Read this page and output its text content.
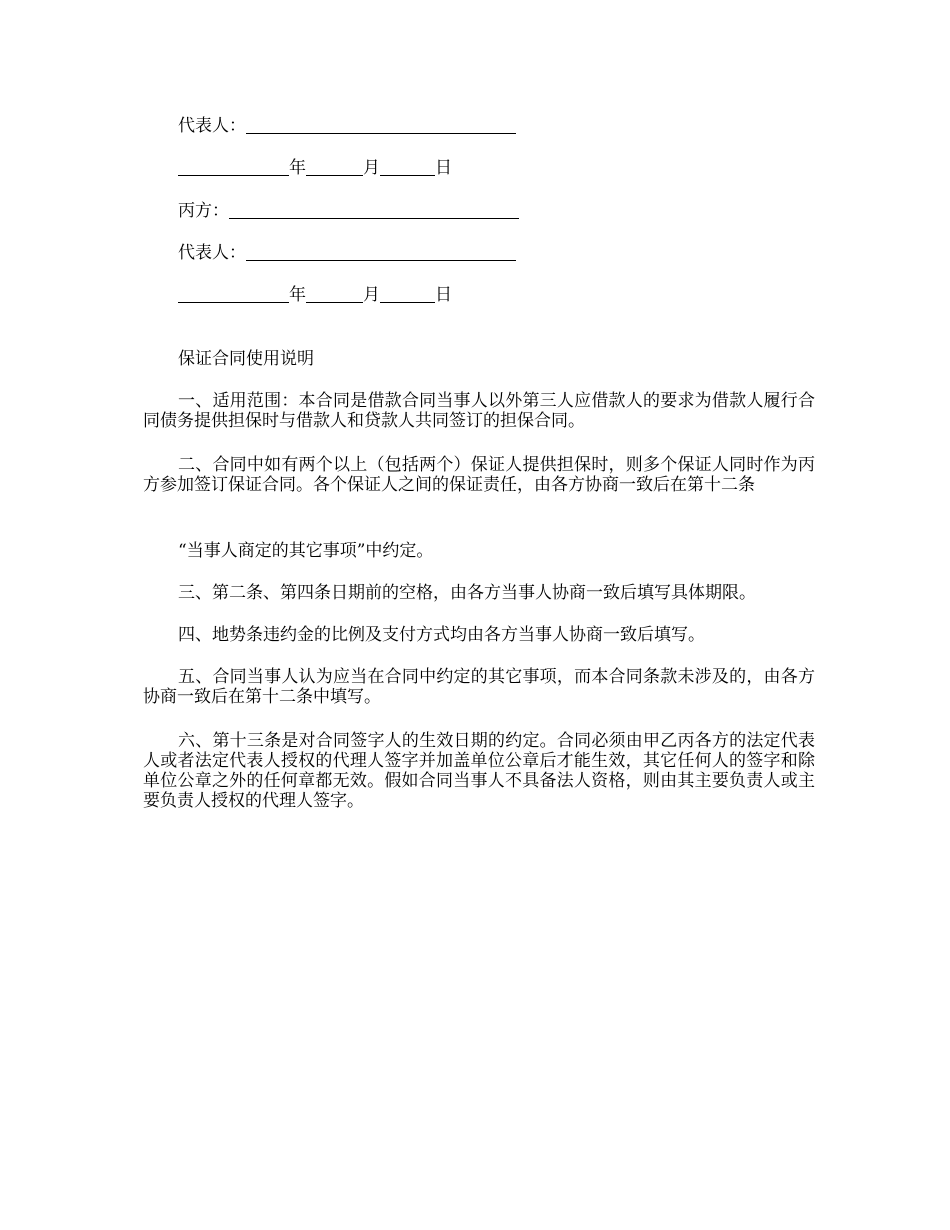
代表人：
年	月	日
丙方：
代表人：
年	月	日
保证合同使用说明
一、适用范围：本合同是借款合同当事人以外第三人应借款人的要求为借款人履行合同债务提供担保时与借款人和贷款人共同签订的担保合同。
二、合同中如有两个以上（包括两个）保证人提供担保时，则多个保证人同时作为丙方参加签订保证合同。各个保证人之间的保证责任，由各方协商一致后在第十二条
“当事人商定的其它事项”中约定。
三、第二条、第四条日期前的空格，由各方当事人协商一致后填写具体期限。
四、地势条违约金的比例及支付方式均由各方当事人协商一致后填写。
五、合同当事人认为应当在合同中约定的其它事项，而本合同条款未涉及的，由各方协商一致后在第十二条中填写。
六、第十三条是对合同签字人的生效日期的约定。合同必须由甲乙丙各方的法定代表人或者法定代表人授权的代理人签字并加盖单位公章后才能生效，其它任何人的签字和除单位公章之外的任何章都无效。假如合同当事人不具备法人资格，则由其主要负责人或主要负责人授权的代理人签字。
